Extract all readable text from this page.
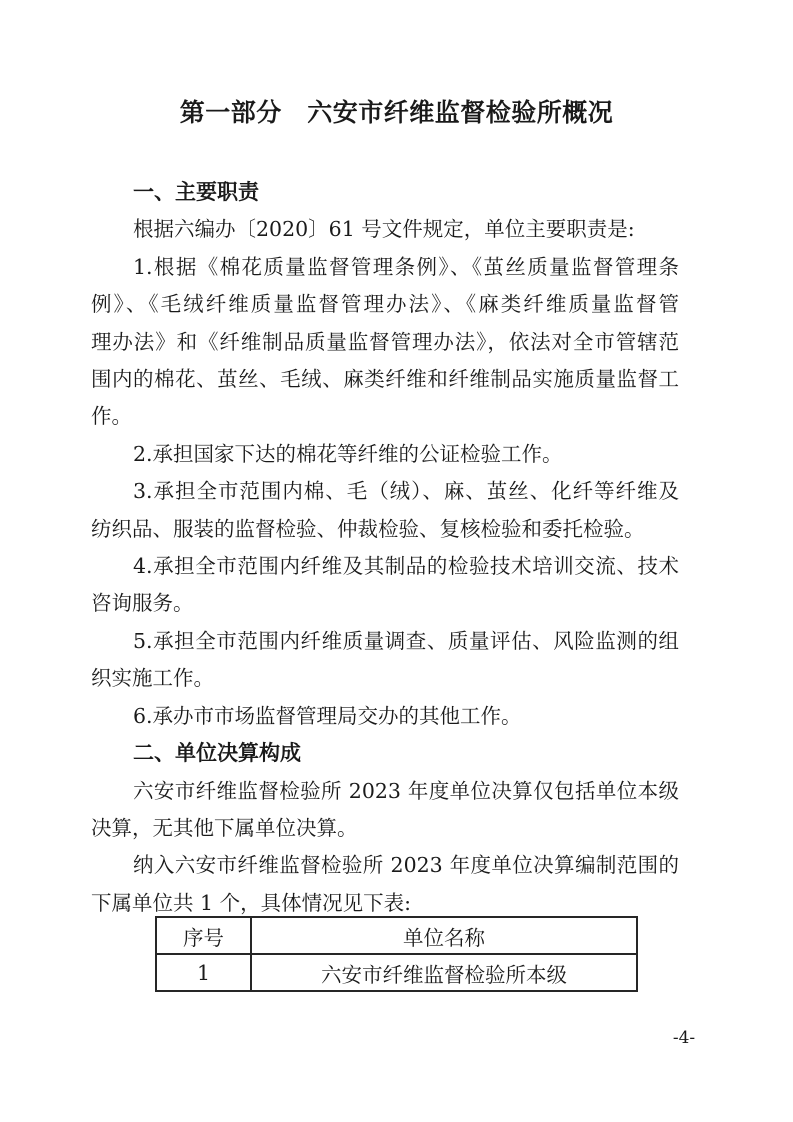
第一部分　六安市纤维监督检验所概况
一、主要职责
根据六编办〔2020〕61 号文件规定，单位主要职责是:
1.根据《棉花质量监督管理条例》、《茧丝质量监督管理条
例》、《毛绒纤维质量监督管理办法》、《麻类纤维质量监督管
理办法》和《纤维制品质量监督管理办法》，依法对全市管辖范
围内的棉花、茧丝、毛绒、麻类纤维和纤维制品实施质量监督工
作。
2.承担国家下达的棉花等纤维的公证检验工作。
3.承担全市范围内棉、毛（绒）、麻、茧丝、化纤等纤维及
纺织品、服装的监督检验、仲裁检验、复核检验和委托检验。
4.承担全市范围内纤维及其制品的检验技术培训交流、技术
咨询服务。
5.承担全市范围内纤维质量调查、质量评估、风险监测的组
织实施工作。
6.承办市市场监督管理局交办的其他工作。
二、单位决算构成
六安市纤维监督检验所 2023 年度单位决算仅包括单位本级
决算，无其他下属单位决算。
纳入六安市纤维监督检验所 2023 年度单位决算编制范围的
下属单位共 1 个，具体情况见下表:
序号	单位名称
1	六安市纤维监督检验所本级
-4-
